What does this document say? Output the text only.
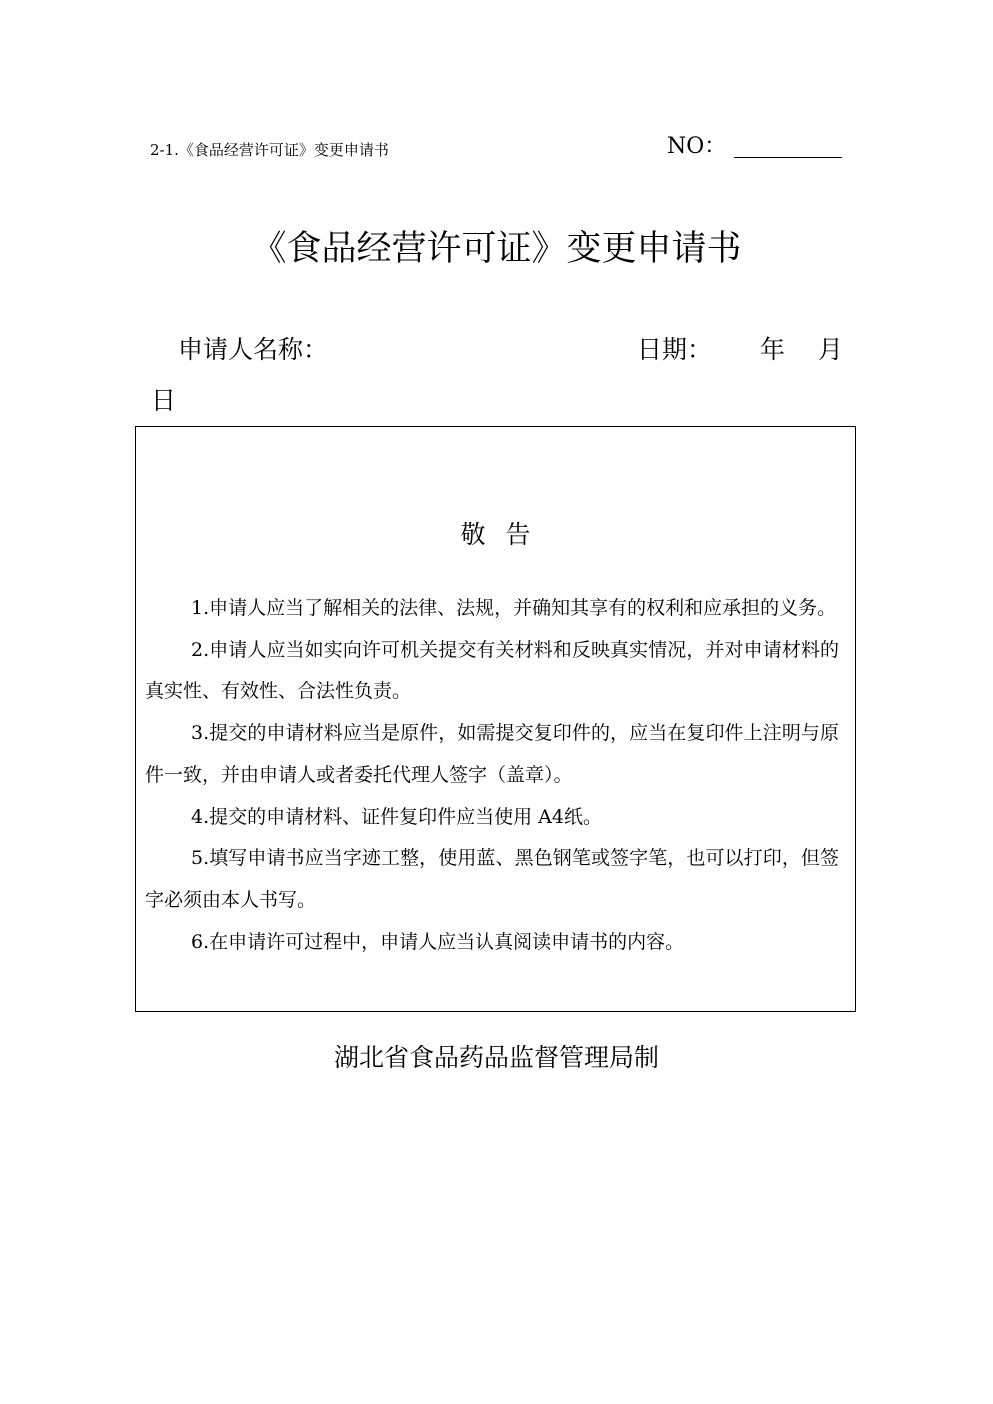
2-1.《食品经营许可证》变更申请书	NO：
《食品经营许可证》变更申请书
申请人名称：	日期： 年 月
日
敬告

1.申请人应当了解相关的法律、法规，并确知其享有的权利和应承担的义务。

2.申请人应当如实向许可机关提交有关材料和反映真实情况，并对申请材料的真实性、有效性、合法性负责。

3.提交的申请材料应当是原件，如需提交复印件的，应当在复印件上注明与原件一致，并由申请人或者委托代理人签字（盖章）。

4.提交的申请材料、证件复印件应当使用 A4纸。

5.填写申请书应当字迹工整，使用蓝、黑色钢笔或签字笔，也可以打印，但签字必须由本人书写。

6.在申请许可过程中，申请人应当认真阅读申请书的内容。

湖北省食品药品监督管理局制
